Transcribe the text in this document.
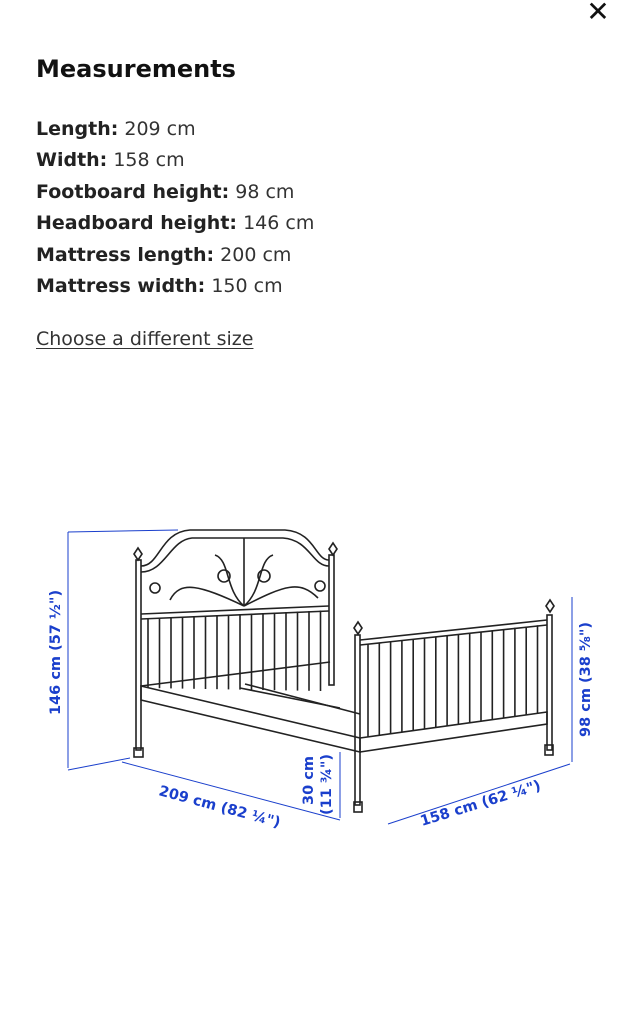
✕
Measurements
Length: 209 cm
Width: 158 cm
Footboard height: 98 cm
Headboard height: 146 cm
Mattress length: 200 cm
Mattress width: 150 cm
Choose a different size
146 cm (57 ½")
209 cm (82 ¼")
30 cm (11 ¾")	158 cm (62 ¼")
98 cm (38 ⅝")
